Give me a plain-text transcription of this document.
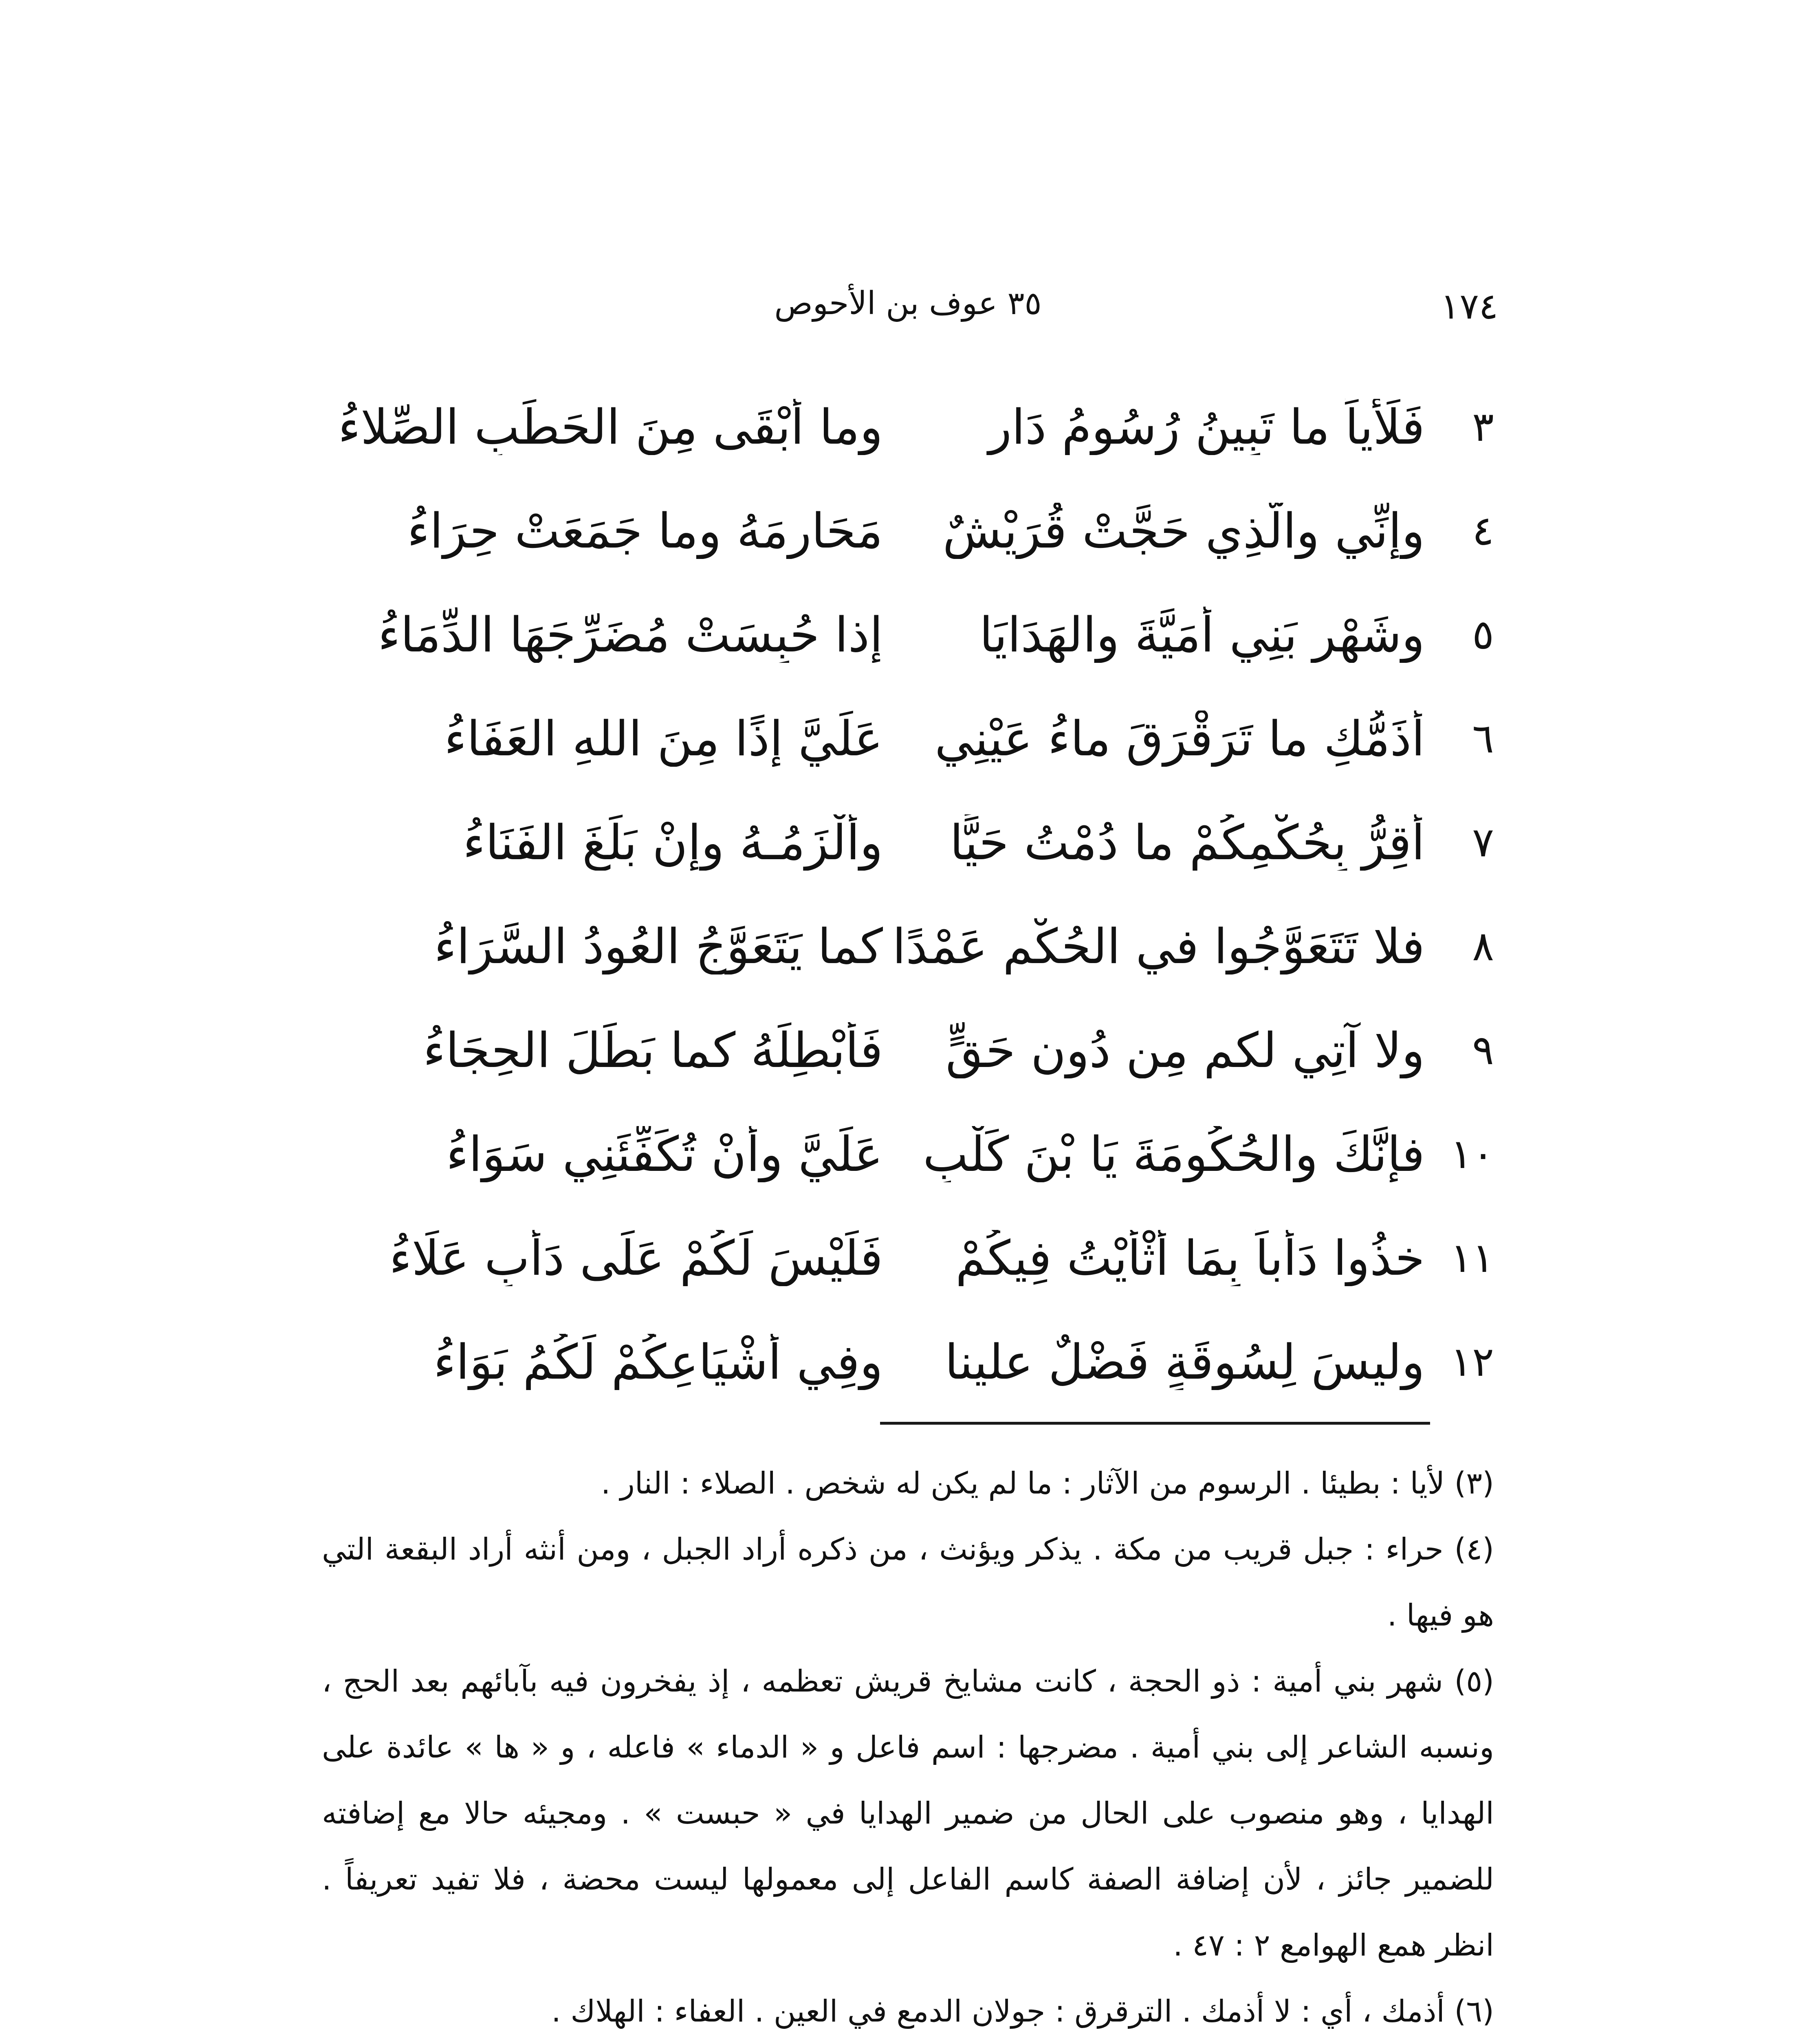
١٧٤
٣٥ عوف بن الأحوص
٣
فَلَأْياً ما تَبِينُ رُسُومُ دَارٍ
وما أَبْقَى مِنَ الحَطَبِ الصِّلاءُ
٤
وإنِّي والَّذِي حَجَّتْ قُرَيْشٌ
مَحَارِمَهُ وما جَمَعَتْ حِرَاءُ
٥
وشَهْرِ بَنِي أُمَيَّةَ والهَدَايَا
إذا حُبِسَتْ مُضَرِّجَهَا الدِّمَاءُ
٦
أُذَمُّكِ ما تَرَقْرَقَ ماءُ عَيْنِي
عَلَيَّ إذًا مِنَ اللهِ العَفَاءُ
٧
أُقِرُّ بِحُكْمِكُمْ ما دُمْتُ حَيًّا
وأَلْزَمُـهُ وإنْ بَلَغَ الفَنَاءُ
٨
فلا تَتَعَوَّجُوا في الحُكْمِ عَمْدًا
كما يَتَعَوَّجُ العُودُ السَّرَاءُ
٩
ولا آتِي لكم مِن دُونِ حَقٍّ
فَأُبْطِلَهُ كما بَطَلَ الحِجَاءُ
١٠
فإنَّكَ والحُكُومَةَ يَا بْنَ كَلْبٍ
عَلَيَّ وأَنْ تُكَفِّئَنِي سَوَاءُ
١١
خذُوا دَأباً بِمَا أَثْأَيْتُ فِيكُمْ
فَلَيْسَ لَكُمْ عَلَى دَأْبٍ عَلَاءُ
١٢
وليسَ لِسُوقَةٍ فَضْلٌ علينا
وفِي أَشْيَاعِكُمْ لَكُمُ بَوَاءُ

(٣) لأيا : بطيئا . الرسوم من الآثار : ما لم يكن له شخص . الصلاء : النار .

(٤) حراء : جبل قريب من مكة . يذكر ويؤنث ، من ذكره أراد الجبل ، ومن أنثه أراد البقعة التي هو فيها .

(٥) شهر بني أمية : ذو الحجة ، كانت مشايخ قريش تعظمه ، إذ يفخرون فيه بآبائهم بعد الحج ، ونسبه الشاعر إلى بني أمية . مضرجها : اسم فاعل و « الدماء » فاعله ، و « ها » عائدة على الهدايا ، وهو منصوب على الحال من ضمير الهدايا في « حبست » . ومجيئه حالا مع إضافته للضمير جائز ، لأن إضافة الصفة كاسم الفاعل إلى معمولها ليست محضة ، فلا تفيد تعريفاً . انظر همع الهوامع ٢ : ٤٧ .

(٦) أذمك ، أي : لا أذمك . الترقرق : جولان الدمع في العين . العفاء : الهلاك .
